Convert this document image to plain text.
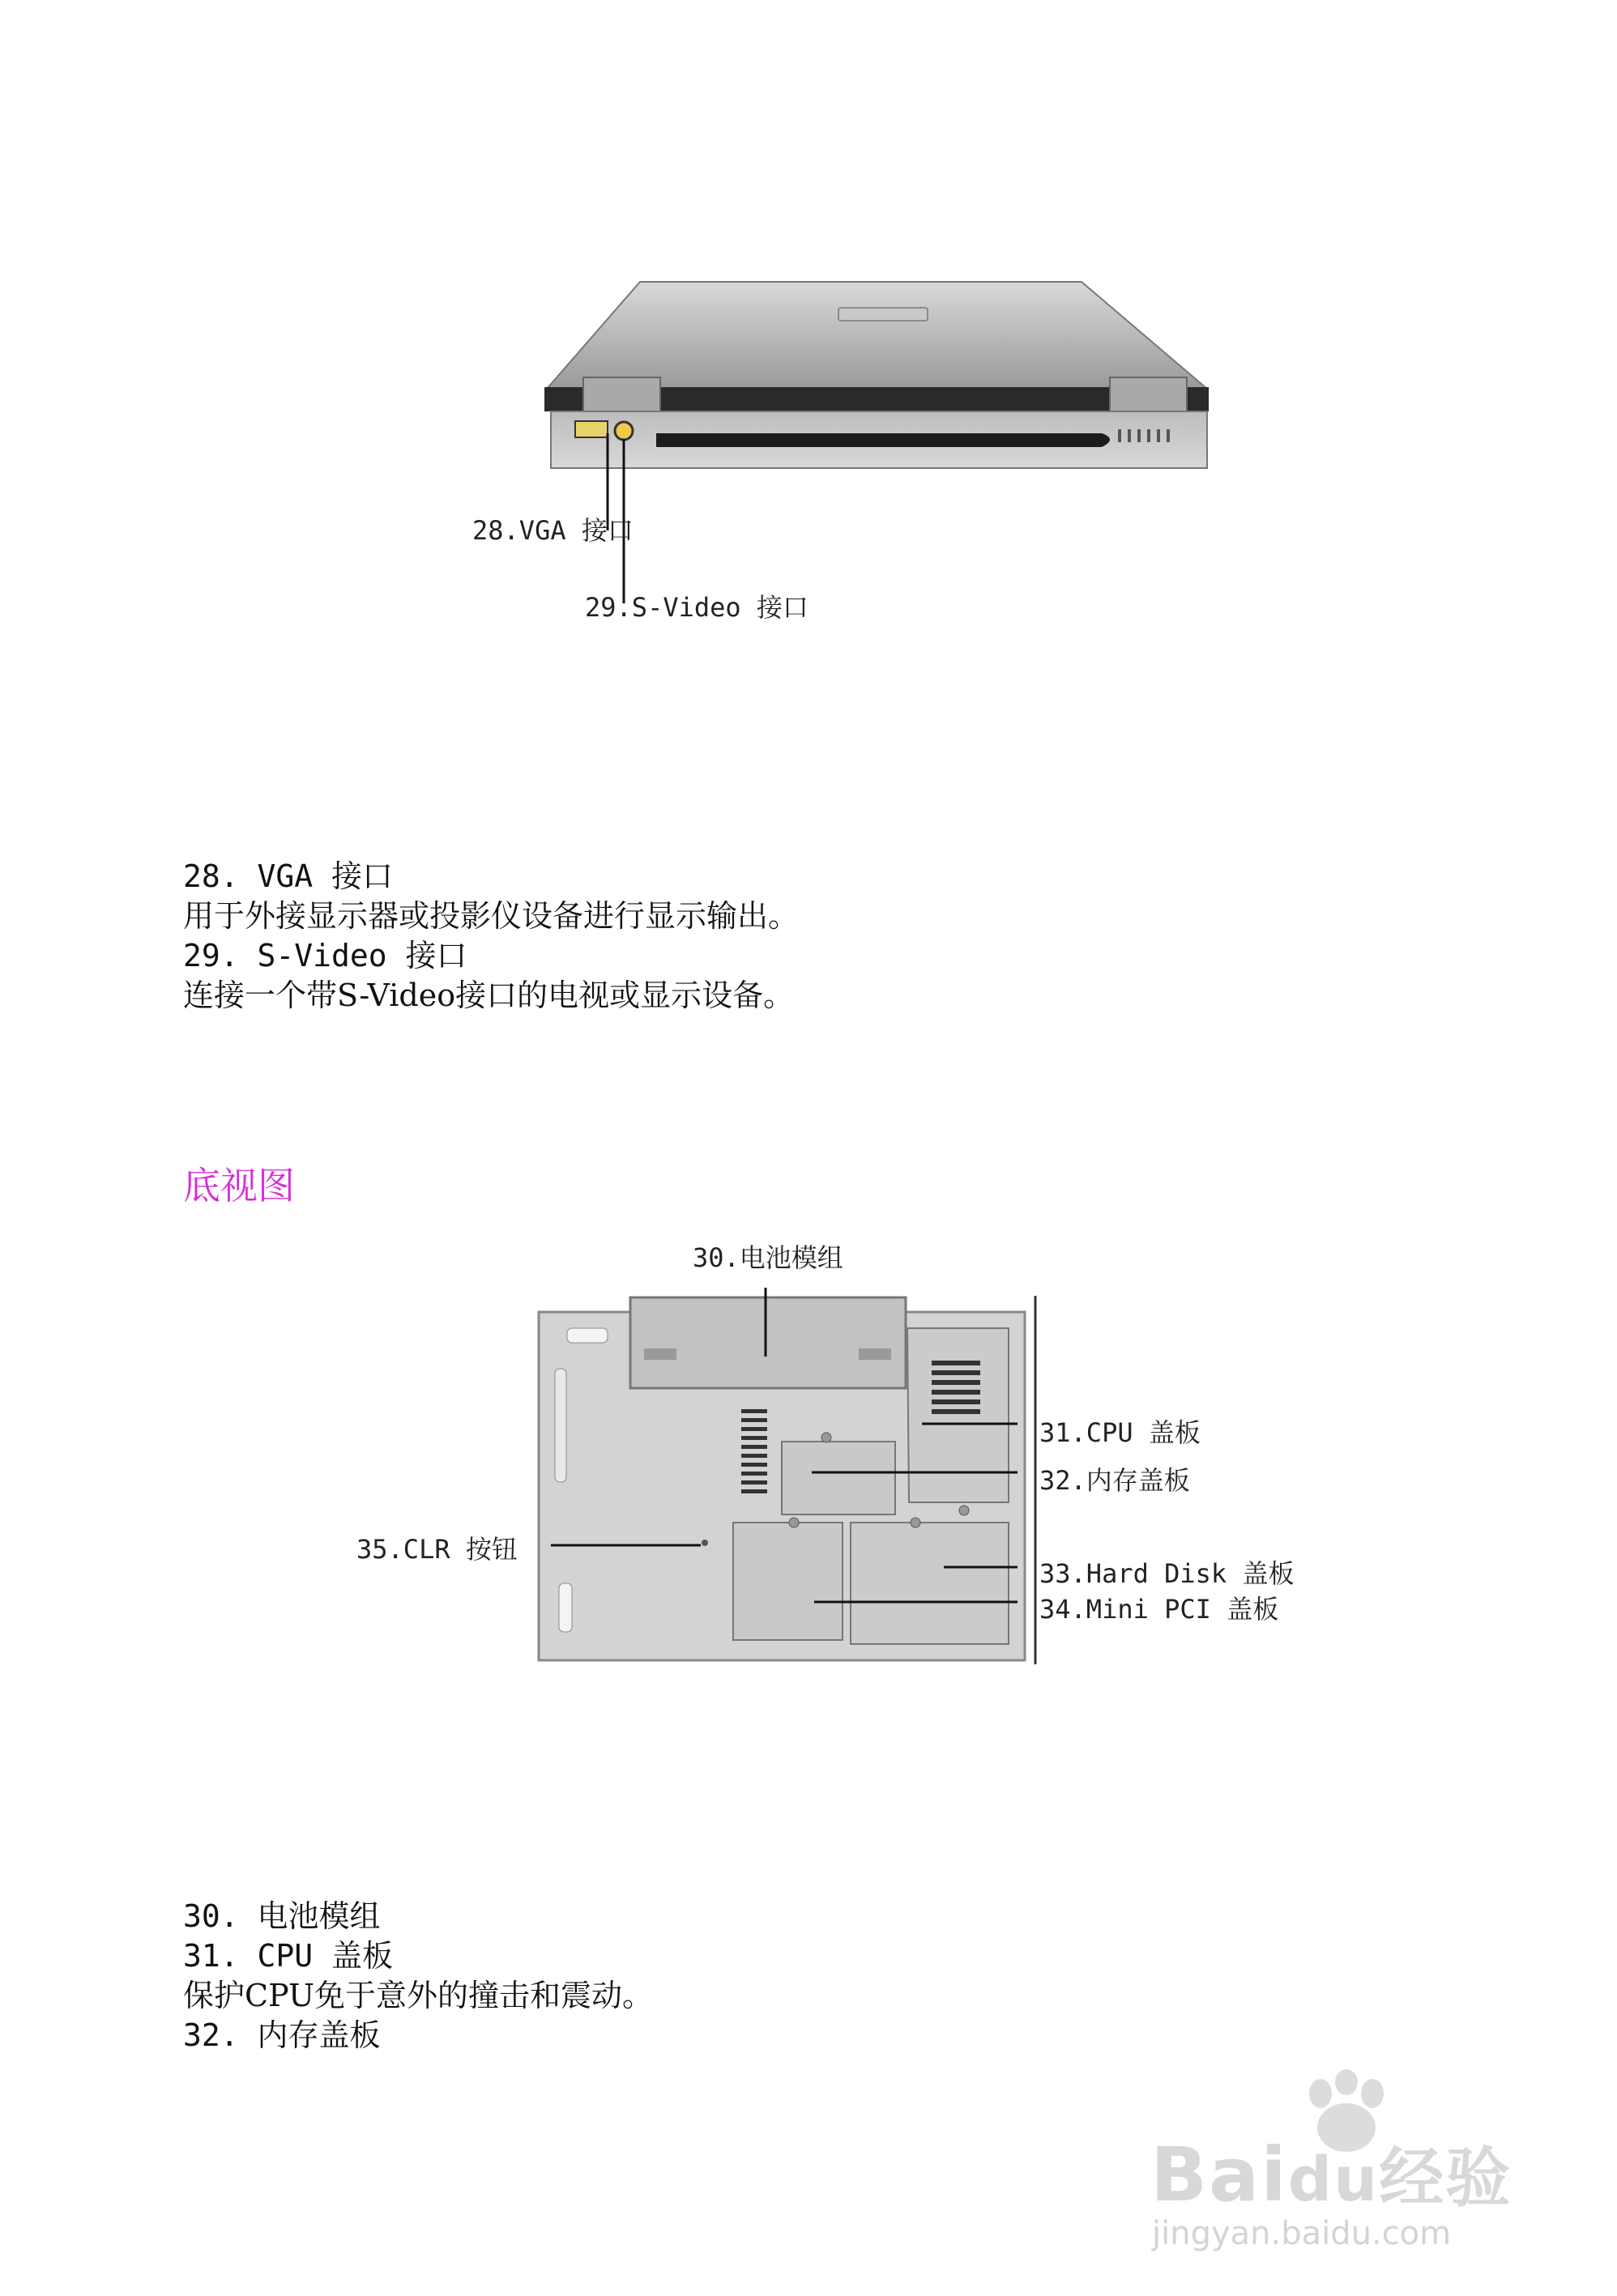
28.VGA 接口
29.S-Video 接口
28. VGA 接口
用于外接显示器或投影仪设备进行显示输出。
29. S-Video 接口
连接一个带S-Video接口的电视或显示设备。
底视图
30.电池模组
31.CPU 盖板
32.内存盖板
33.Hard Disk 盖板
34.Mini PCI 盖板
35.CLR 按钮
30. 电池模组
31. CPU 盖板
保护CPU免于意外的撞击和震动。
32. 内存盖板
Baidu经验
jingyan.baidu.com
